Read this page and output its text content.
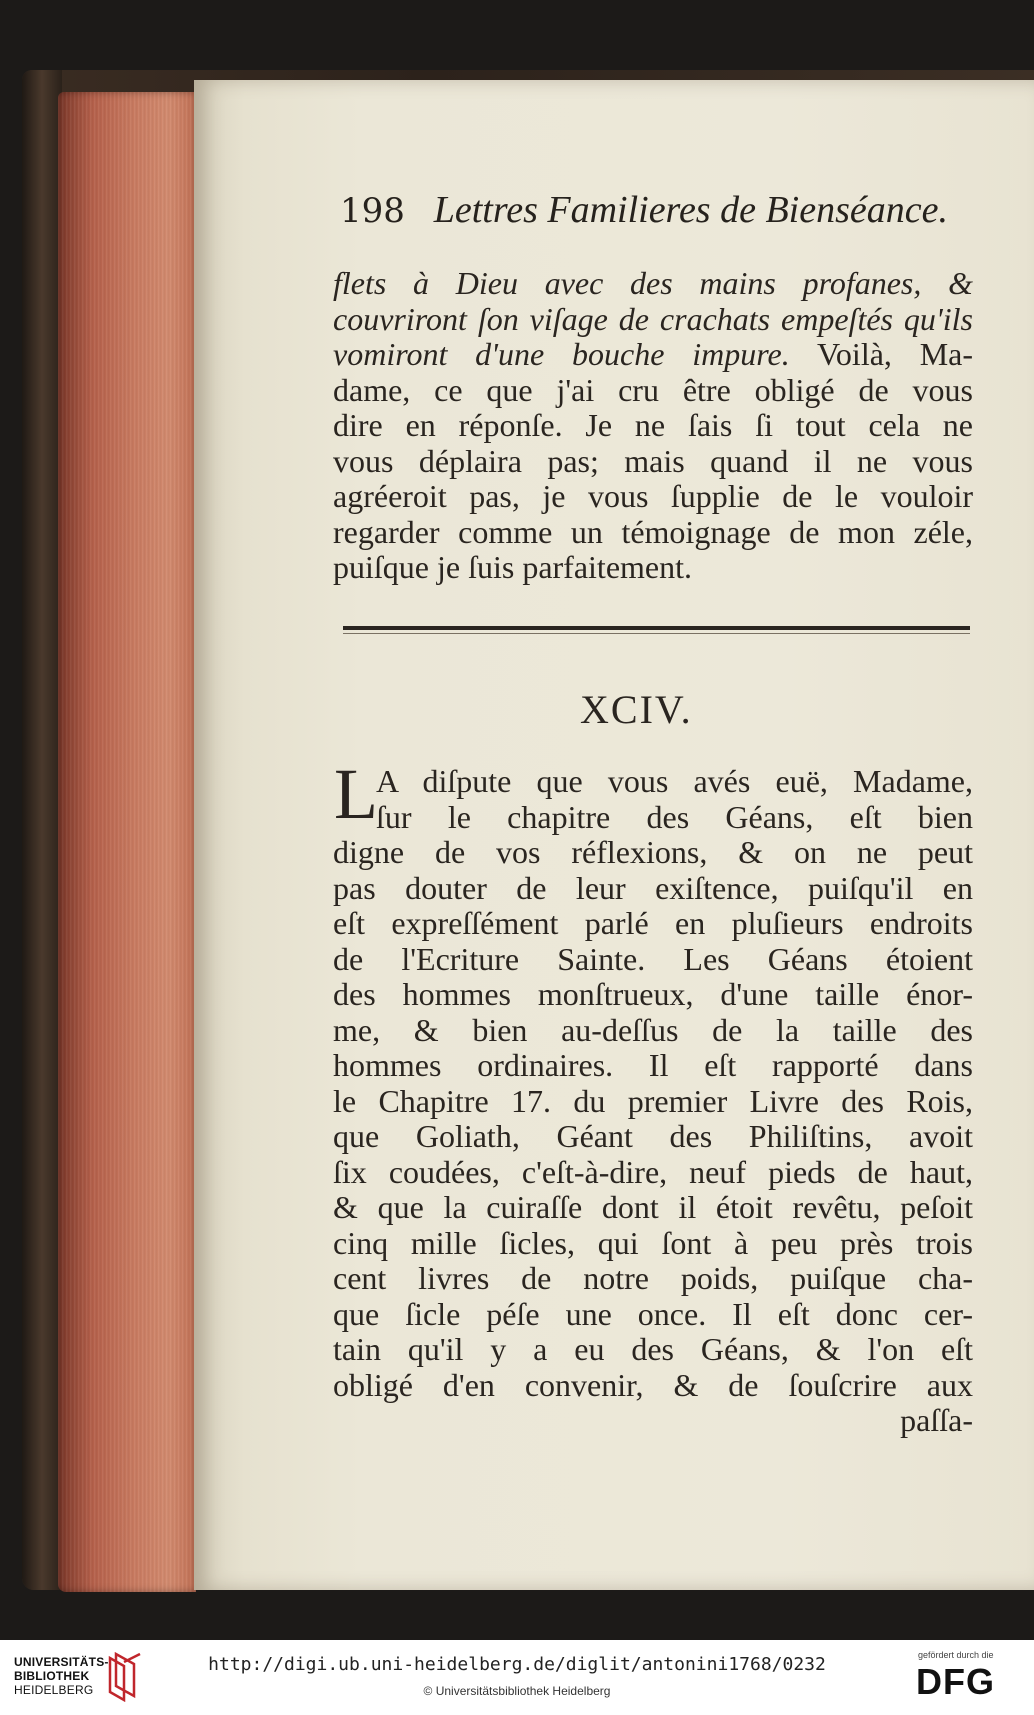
198 Lettres Familieres de Bienséance.
flets à Dieu avec des mains profanes, &
couvriront ſon viſage de crachats empeſtés qu'ils
vomiront d'une bouche impure. Voilà, Ma-
dame, ce que j'ai cru être obligé de vous
dire en réponſe. Je ne ſais ſi tout cela ne
vous déplaira pas; mais quand il ne vous
agréeroit pas, je vous ſupplie de le vouloir
regarder comme un témoignage de mon zéle,
puiſque je ſuis parfaitement.
XCIV.
L
A diſpute que vous avés euë, Madame,
ſur le chapitre des Géans, eſt bien
digne de vos réflexions, & on ne peut
pas douter de leur exiſtence, puiſqu'il en
eſt expreſſément parlé en pluſieurs endroits
de l'Ecriture Sainte. Les Géans étoient
des hommes monſtrueux, d'une taille énor-
me, & bien au-deſſus de la taille des
hommes ordinaires. Il eſt rapporté dans
le Chapitre 17. du premier Livre des Rois,
que Goliath, Géant des Philiſtins, avoit
ſix coudées, c'eſt-à-dire, neuf pieds de haut,
& que la cuiraſſe dont il étoit revêtu, peſoit
cinq mille ſicles, qui ſont à peu près trois
cent livres de notre poids, puiſque cha-
que ſicle péſe une once. Il eſt donc cer-
tain qu'il y a eu des Géans, & l'on eſt
obligé d'en convenir, & de ſouſcrire aux
paſſa-
UNIVERSITÄTS-
BIBLIOTHEK
HEIDELBERG
http://digi.ub.uni-heidelberg.de/diglit/antonini1768/0232
© Universitätsbibliothek Heidelberg
gefördert durch die
DFG
